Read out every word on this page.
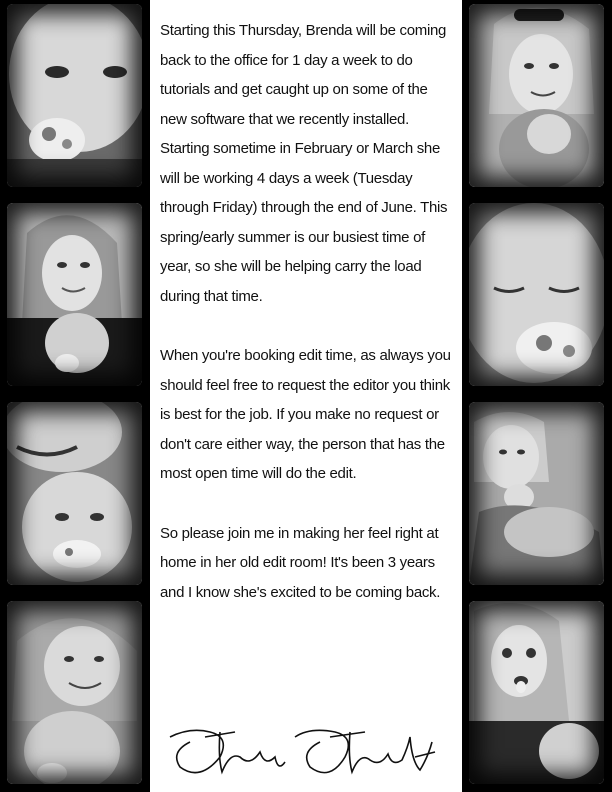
Starting this Thursday, Brenda will be coming back to the office for 1 day a week to do tutorials and get caught up on some of the new software that we recently installed. Starting sometime in February or March she will be working 4 days a week (Tuesday through Friday) through the end of June. This spring/early summer is our busiest time of year, so she will be helping carry the load during that time.

When you're booking edit time, as always you should feel free to request the editor you think is best for the job. If you make no request or don't care either way, the person that has the most open time will do the edit.

So please join me in making her feel right at home in her old edit room! It's been 3 years and I know she's excited to be coming back.
